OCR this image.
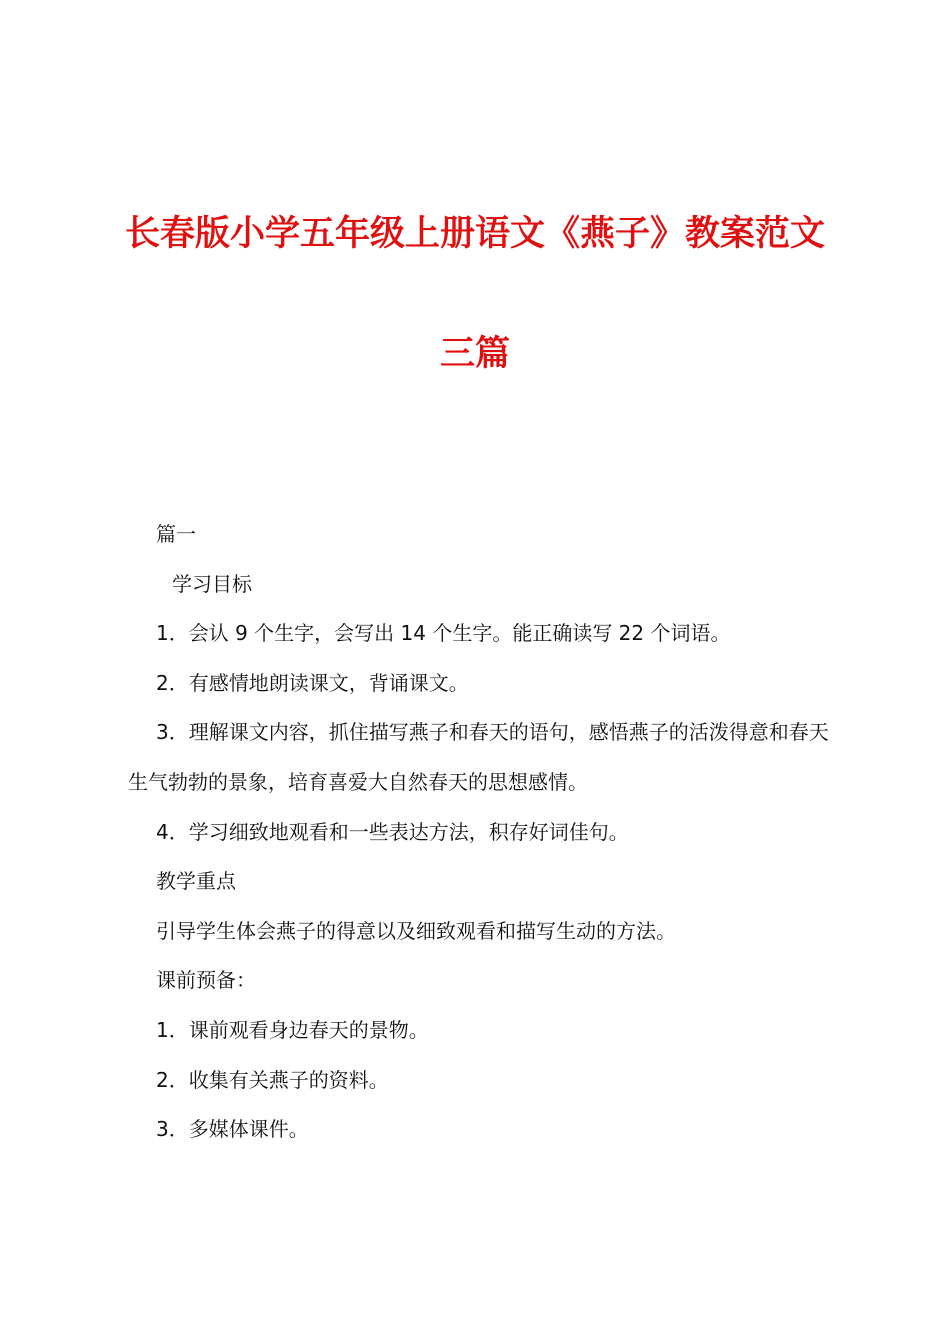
长春版小学五年级上册语文《燕子》教案范文
三篇

篇一

学习目标

1．会认 9 个生字，会写出 14 个生字。能正确读写 22 个词语。

2．有感情地朗读课文，背诵课文。

3．理解课文内容，抓住描写燕子和春天的语句，感悟燕子的活泼得意和春天生气勃勃的景象，培育喜爱大自然春天的思想感情。

4．学习细致地观看和一些表达方法，积存好词佳句。

教学重点

引导学生体会燕子的得意以及细致观看和描写生动的方法。

课前预备：

1．课前观看身边春天的景物。

2．收集有关燕子的资料。

3．多媒体课件。
